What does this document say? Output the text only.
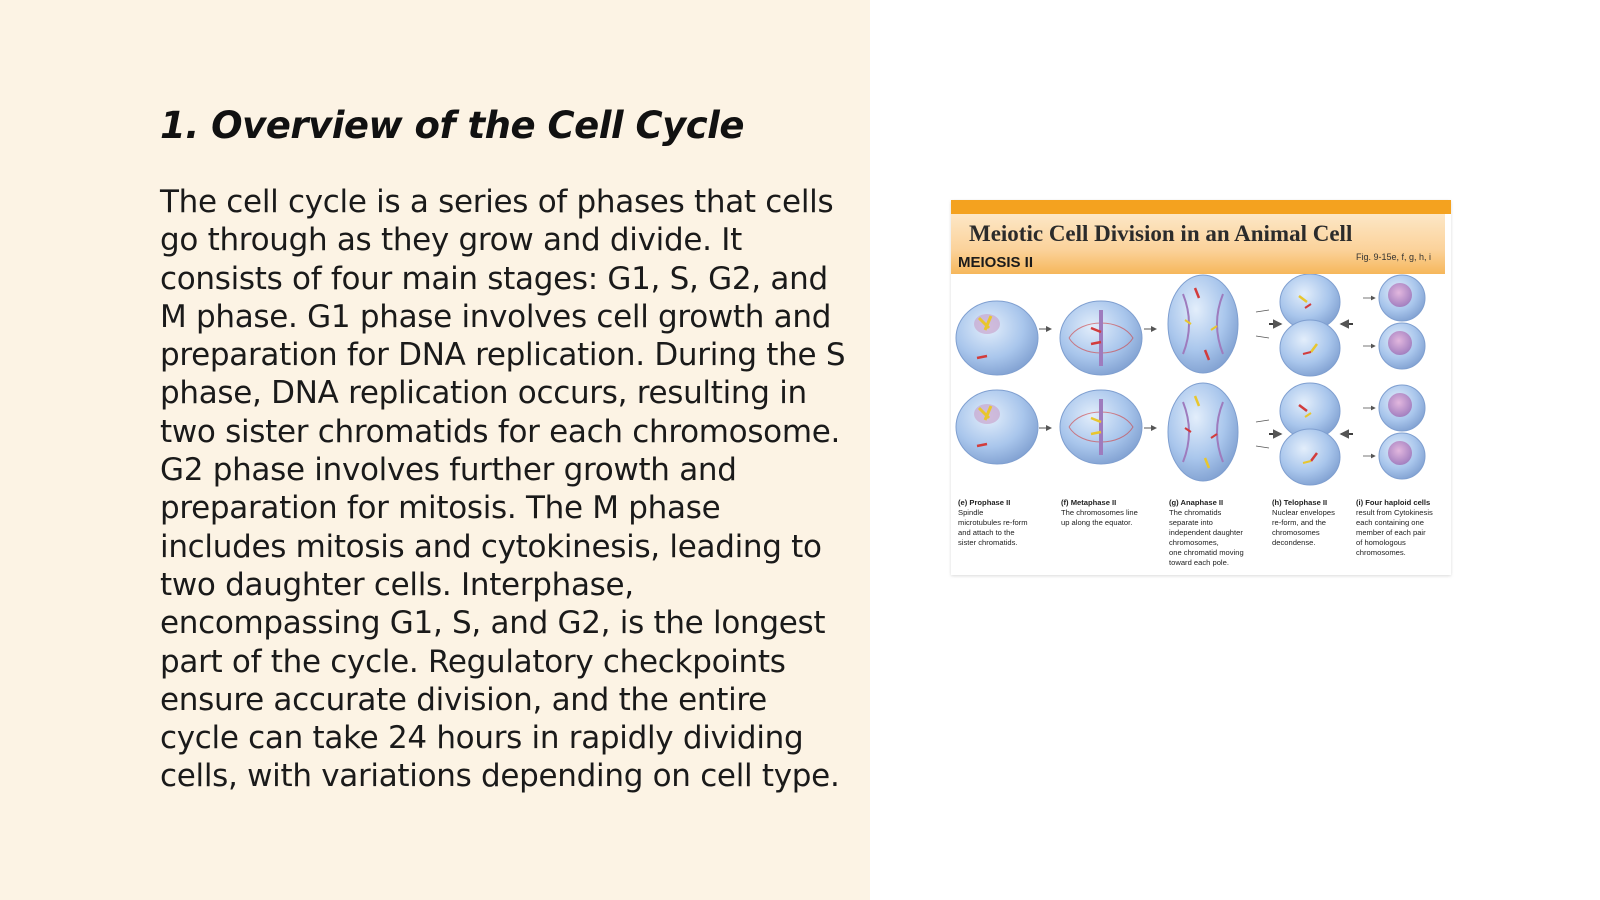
1. Overview of the Cell Cycle

The cell cycle is a series of phases that cells go through as they grow and divide. It consists of four main stages: G1, S, G2, and M phase. G1 phase involves cell growth and preparation for DNA replication. During the S phase, DNA replication occurs, resulting in two sister chromatids for each chromosome. G2 phase involves further growth and preparation for mitosis. The M phase includes mitosis and cytokinesis, leading to two daughter cells. Interphase, encompassing G1, S, and G2, is the longest part of the cycle. Regulatory checkpoints ensure accurate division, and the entire cycle can take 24 hours in rapidly dividing cells, with variations depending on cell type.

Meiotic Cell Division in an Animal Cell
MEIOSIS II	Fig. 9-15e, f, g, h, i
(e) Prophase II
Spindle
microtubules re-form
and attach to the
sister chromatids.
(f) Metaphase II
The chromosomes line
up along the equator.
(g) Anaphase II
The chromatids
separate into
independent daughter
chromosomes,
one chromatid moving
toward each pole.
(h) Telophase II
Nuclear envelopes
re-form, and the
chromosomes
decondense.
(i) Four haploid cells
result from Cytokinesis
each containing one
member of each pair
of homologous
chromosomes.
